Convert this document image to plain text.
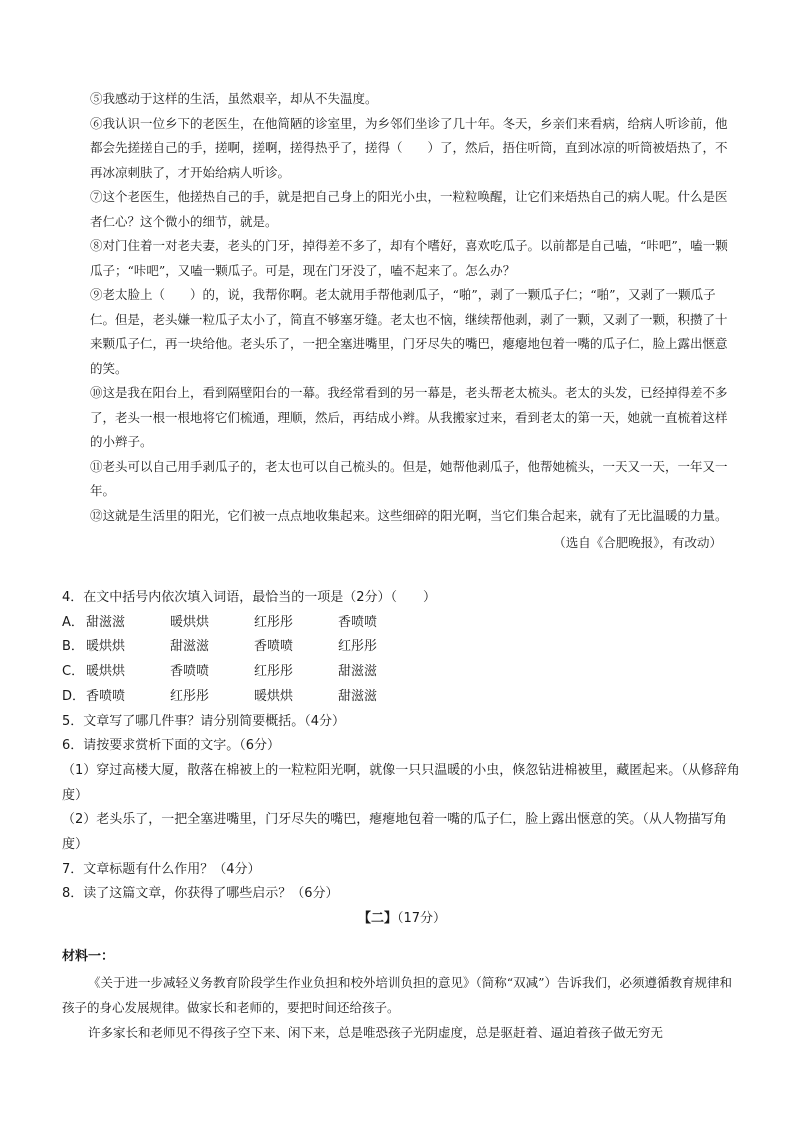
⑤我感动于这样的生活，虽然艰辛，却从不失温度。

⑥我认识一位乡下的老医生，在他简陋的诊室里，为乡邻们坐诊了几十年。冬天，乡亲们来看病，给病人听诊前，他都会先搓搓自己的手，搓啊，搓啊，搓得热乎了，搓得（　　）了，然后，捂住听筒，直到冰凉的听筒被焐热了，不再冰凉刺肤了，才开始给病人听诊。

⑦这个老医生，他搓热自己的手，就是把自己身上的阳光小虫，一粒粒唤醒，让它们来焐热自己的病人呢。什么是医者仁心？这个微小的细节，就是。

⑧对门住着一对老夫妻，老头的门牙，掉得差不多了，却有个嗜好，喜欢吃瓜子。以前都是自己嗑，“咔吧”，嗑一颗瓜子；“咔吧”，又嗑一颗瓜子。可是，现在门牙没了，嗑不起来了。怎么办？

⑨老太脸上（　　）的，说，我帮你啊。老太就用手帮他剥瓜子，“啪”，剥了一颗瓜子仁；“啪”，又剥了一颗瓜子仁。但是，老头嫌一粒瓜子太小了，简直不够塞牙缝。老太也不恼，继续帮他剥，剥了一颗，又剥了一颗，积攒了十来颗瓜子仁，再一块给他。老头乐了，一把全塞进嘴里，门牙尽失的嘴巴，瘪瘪地包着一嘴的瓜子仁，脸上露出惬意的笑。

⑩这是我在阳台上，看到隔壁阳台的一幕。我经常看到的另一幕是，老头帮老太梳头。老太的头发，已经掉得差不多了，老头一根一根地将它们梳通，理顺，然后，再结成小辫。从我搬家过来，看到老太的第一天，她就一直梳着这样的小辫子。

⑪老头可以自己用手剥瓜子的，老太也可以自己梳头的。但是，她帮他剥瓜子，他帮她梳头，一天又一天，一年又一年。

⑫这就是生活里的阳光，它们被一点点地收集起来。这些细碎的阳光啊，当它们集合起来，就有了无比温暖的力量。

（选自《合肥晚报》，有改动）

4．在文中括号内依次填入词语，最恰当的一项是（2分）（　　）

A． 甜滋滋	暖烘烘	红彤彤	香喷喷
B． 暖烘烘	甜滋滋	香喷喷	红彤彤
C． 暖烘烘	香喷喷	红彤彤	甜滋滋
D． 香喷喷	红彤彤	暖烘烘	甜滋滋

5．文章写了哪几件事？请分别简要概括。（4分）

6．请按要求赏析下面的文字。（6分）

（1）穿过高楼大厦，散落在棉被上的一粒粒阳光啊，就像一只只温暖的小虫，倏忽钻进棉被里，藏匿起来。（从修辞角度）

（2）老头乐了，一把全塞进嘴里，门牙尽失的嘴巴，瘪瘪地包着一嘴的瓜子仁，脸上露出惬意的笑。（从人物描写角度）

7．文章标题有什么作用？（4分）

8．读了这篇文章，你获得了哪些启示？（6分）

【二】（17分）

材料一：

《关于进一步减轻义务教育阶段学生作业负担和校外培训负担的意见》（简称“双减”）告诉我们，必须遵循教育规律和孩子的身心发展规律。做家长和老师的，要把时间还给孩子。

许多家长和老师见不得孩子空下来、闲下来，总是唯恐孩子光阴虚度，总是驱赶着、逼迫着孩子做无穷无
